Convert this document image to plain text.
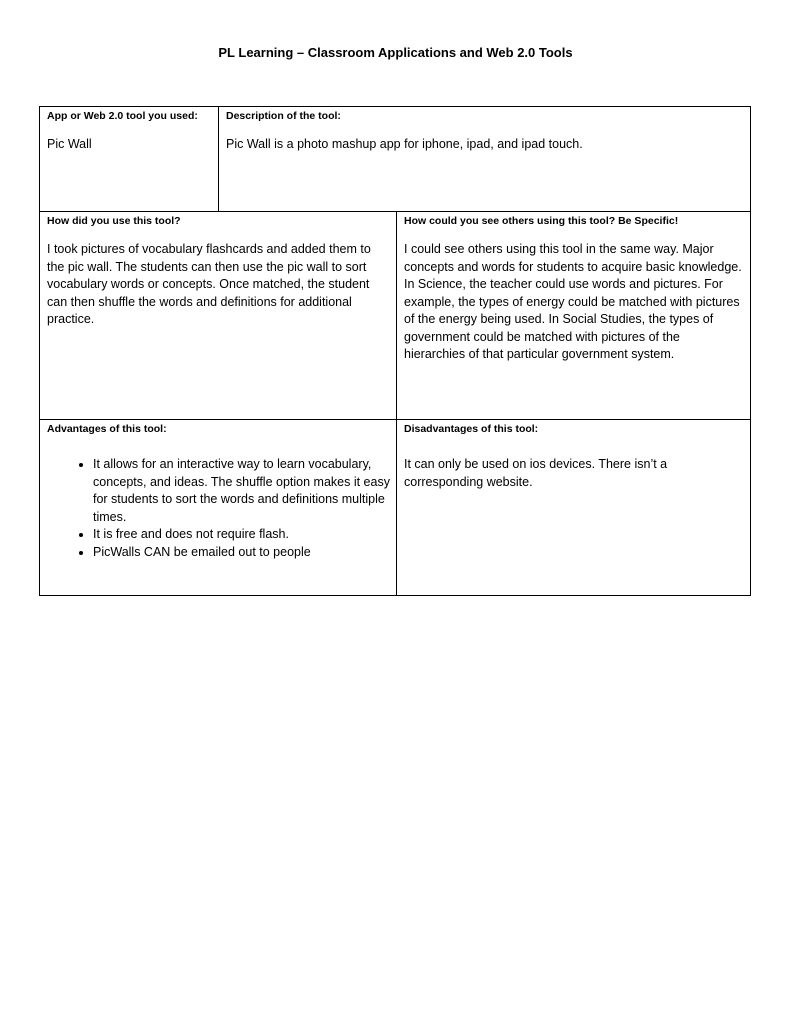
PL Learning – Classroom Applications and Web 2.0 Tools
App or Web 2.0 tool you used:
Pic Wall
Description of the tool:
Pic Wall is a photo mashup app for iphone, ipad, and ipad touch.
How did you use this tool?
I took pictures of vocabulary flashcards and added them to the pic wall. The students can then use the pic wall to sort vocabulary words or concepts. Once matched, the student can then shuffle the words and definitions for additional practice.
How could you see others using this tool? Be Specific!
I could see others using this tool in the same way. Major concepts and words for students to acquire basic knowledge. In Science, the teacher could use words and pictures. For example, the types of energy could be matched with pictures of the energy being used. In Social Studies, the types of government could be matched with pictures of the hierarchies of that particular government system.
Advantages of this tool:
• It allows for an interactive way to learn vocabulary, concepts, and ideas. The shuffle option makes it easy for students to sort the words and definitions multiple times.
• It is free and does not require flash.
• PicWalls CAN be emailed out to people
Disadvantages of this tool:
It can only be used on ios devices. There isn’t a corresponding website.
